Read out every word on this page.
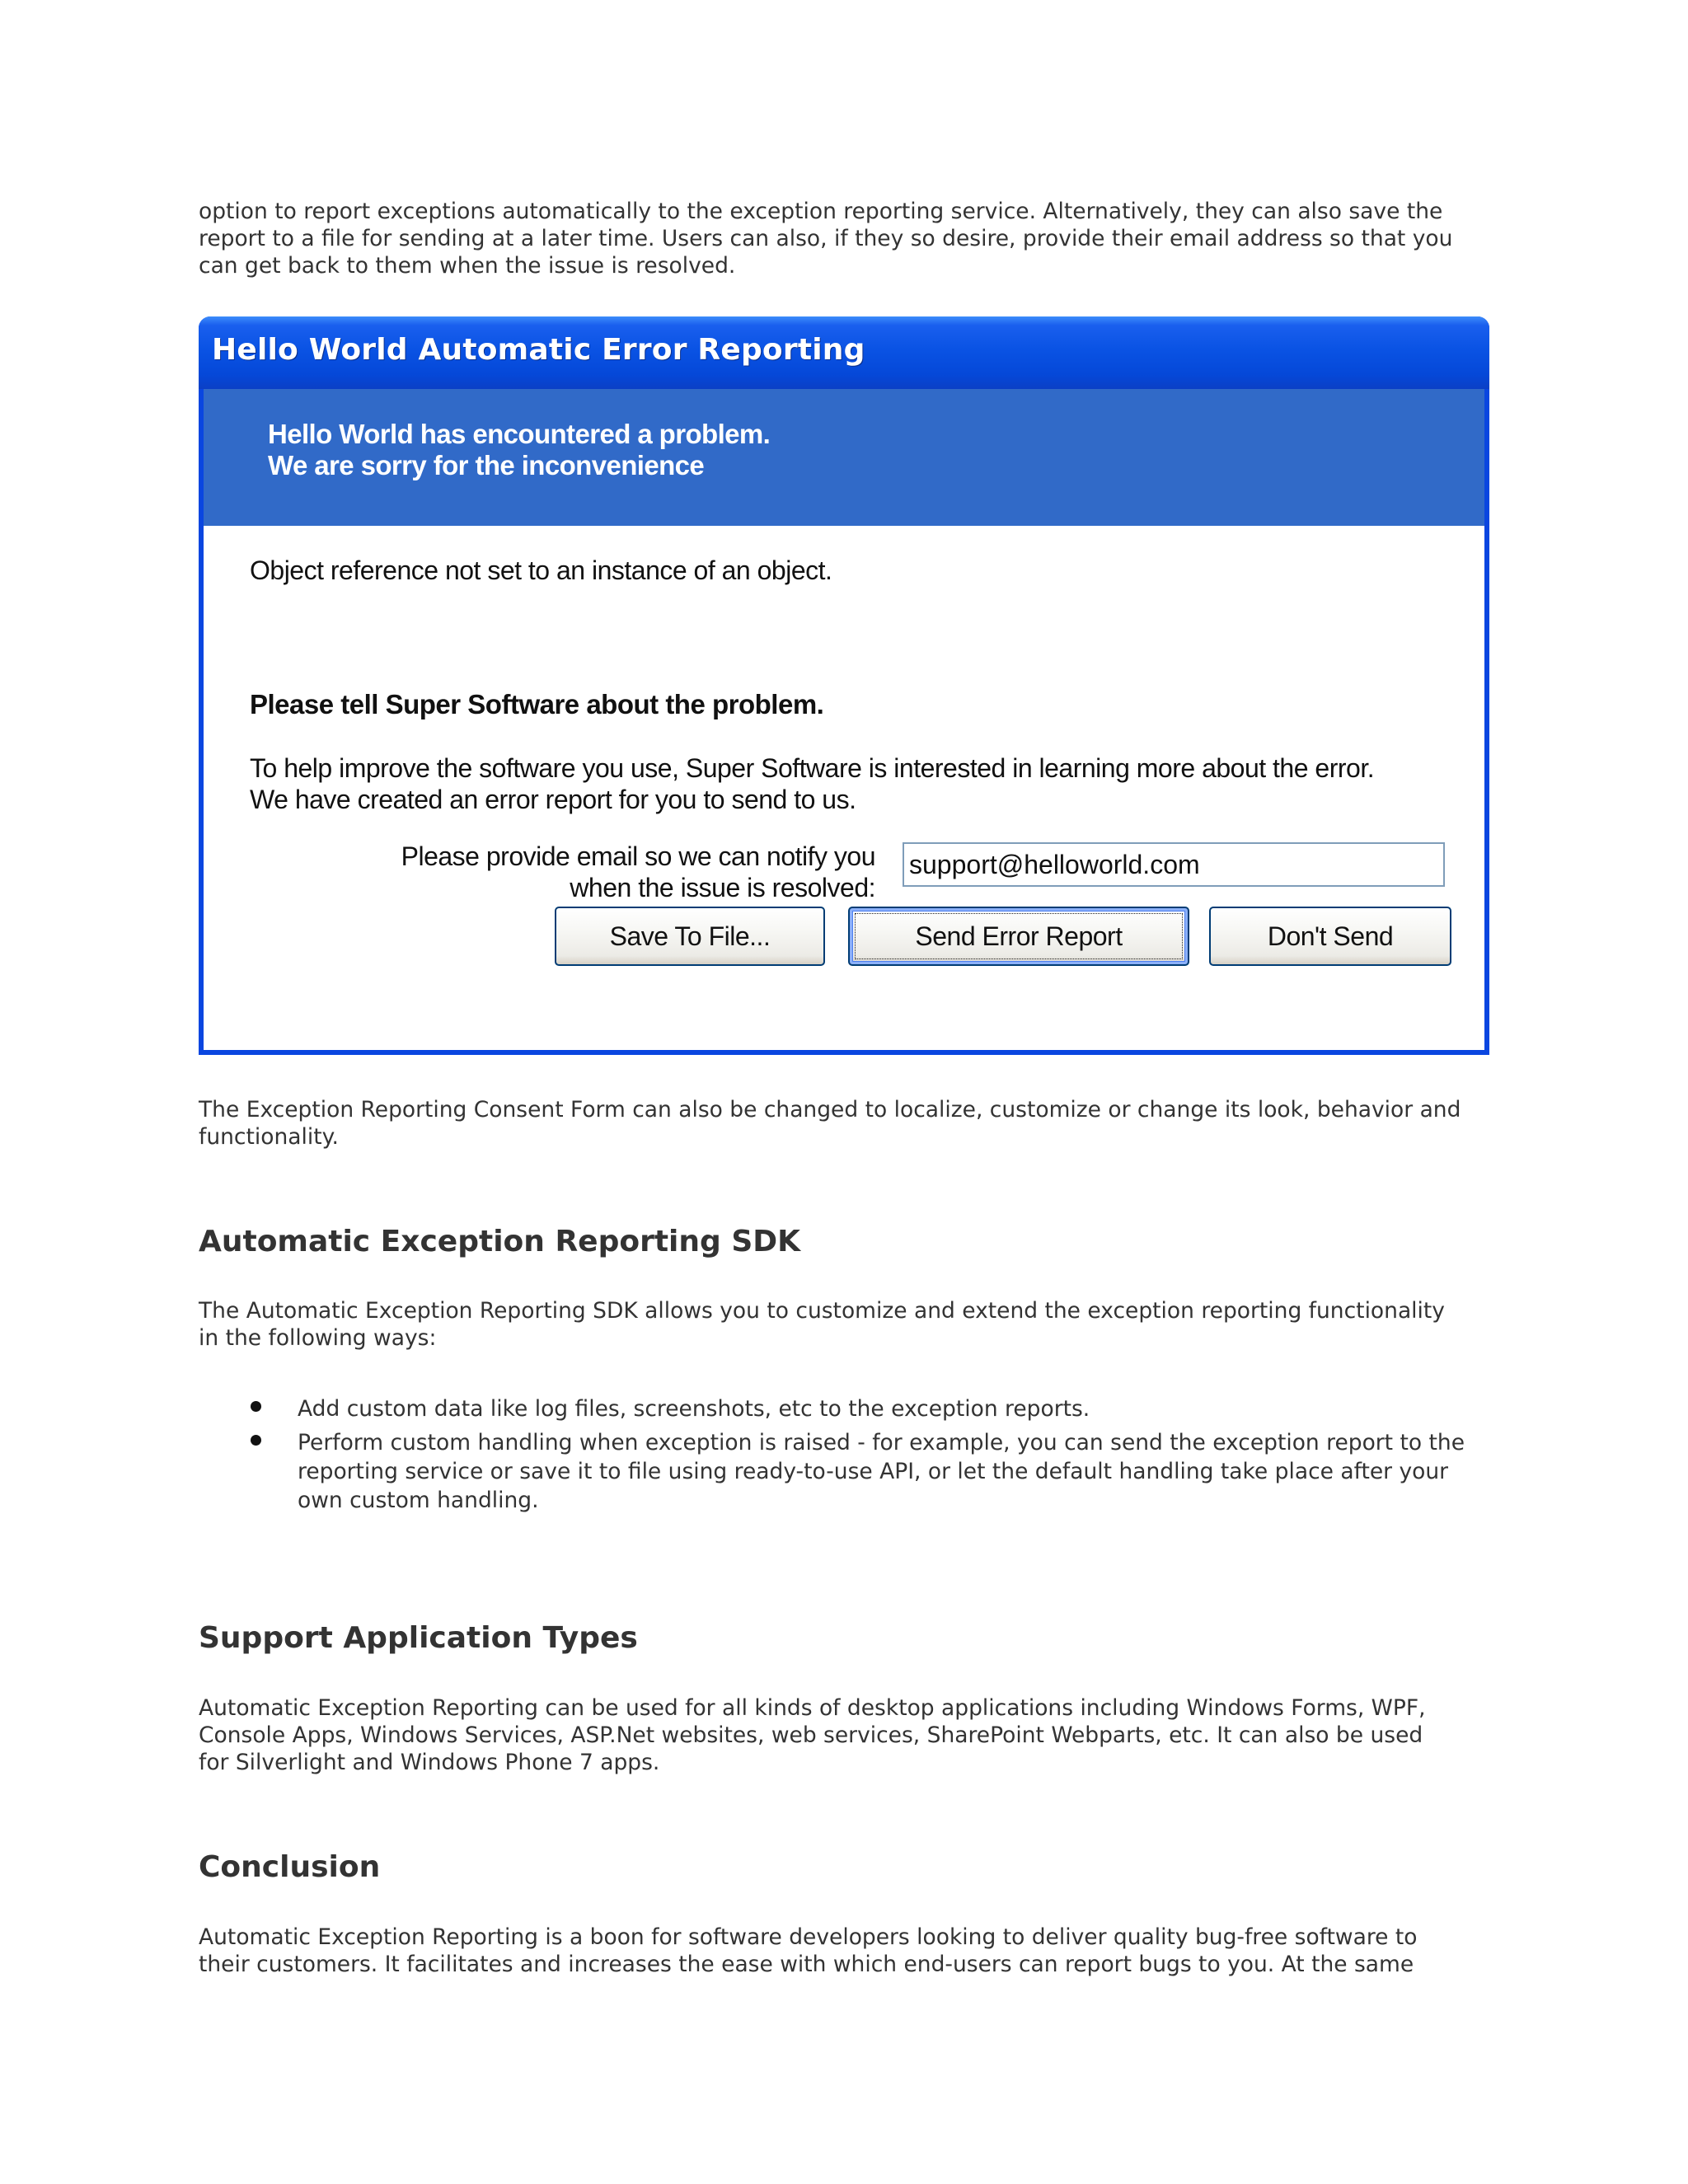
option to report exceptions automatically to the exception reporting service. Alternatively, they can also save the

report to a file for sending at a later time. Users can also, if they so desire, provide their email address so that you

can get back to them when the issue is resolved.

Hello World Automatic Error Reporting
Hello World has encountered a problem.
We are sorry for the inconvenience
Object reference not set to an instance of an object.
Please tell Super Software about the problem.
To help improve the software you use, Super Software is interested in learning more about the error.
We have created an error report for you to send to us.
Please provide email so we can notify you
when the issue is resolved:
support@helloworld.com
Save To File...	Send Error Report	Don't Send

The Exception Reporting Consent Form can also be changed to localize, customize or change its look, behavior and

functionality.

Automatic Exception Reporting SDK

The Automatic Exception Reporting SDK allows you to customize and extend the exception reporting functionality

in the following ways:

Add custom data like log files, screenshots, etc to the exception reports.
Perform custom handling when exception is raised - for example, you can send the exception report to the
reporting service or save it to file using ready-to-use API, or let the default handling take place after your
own custom handling.
Support Application Types

Automatic Exception Reporting can be used for all kinds of desktop applications including Windows Forms, WPF,

Console Apps, Windows Services, ASP.Net websites, web services, SharePoint Webparts, etc. It can also be used

for Silverlight and Windows Phone 7 apps.

Conclusion

Automatic Exception Reporting is a boon for software developers looking to deliver quality bug-free software to

their customers. It facilitates and increases the ease with which end-users can report bugs to you. At the same
